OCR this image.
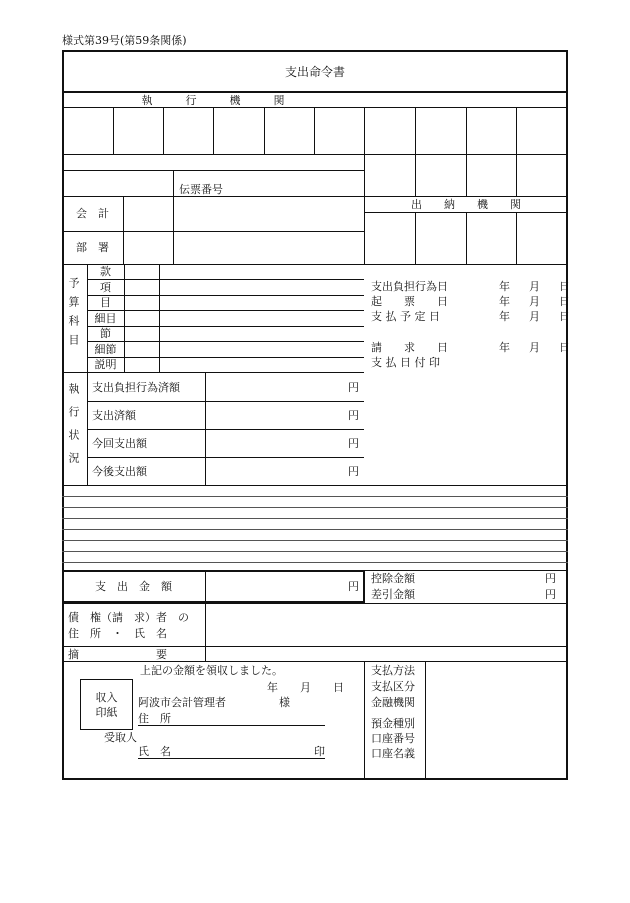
様式第39号(第59条関係)
支出命令書
執　　　行　　　機　　　関
伝票番号
出　　納　　機　　関
会　計
部　署
予算科目
款
項
目
細目
節
細節
説明
支出負担行為日	年　月　日
起　　票　　日	年　月　日
支 払 予 定 日	年　月　日
請　　求　　日	年　月　日
支 払 日 付 印
執行状況 支出負担行為済額	円
支出済額	円
今回支出額	円
今後支出額	円
支　出　金　額	円
控除金額	円
差引金額	円
債　権（請　求）者　の
住　所　・　氏　名
摘　　　　　　　要
上記の金額を領収しました。
収入
印紙
年　　月　　日
阿波市会計管理者	様
住　所
受取人
氏　名	印
支払方法
支払区分
金融機関
預金種別
口座番号
口座名義
